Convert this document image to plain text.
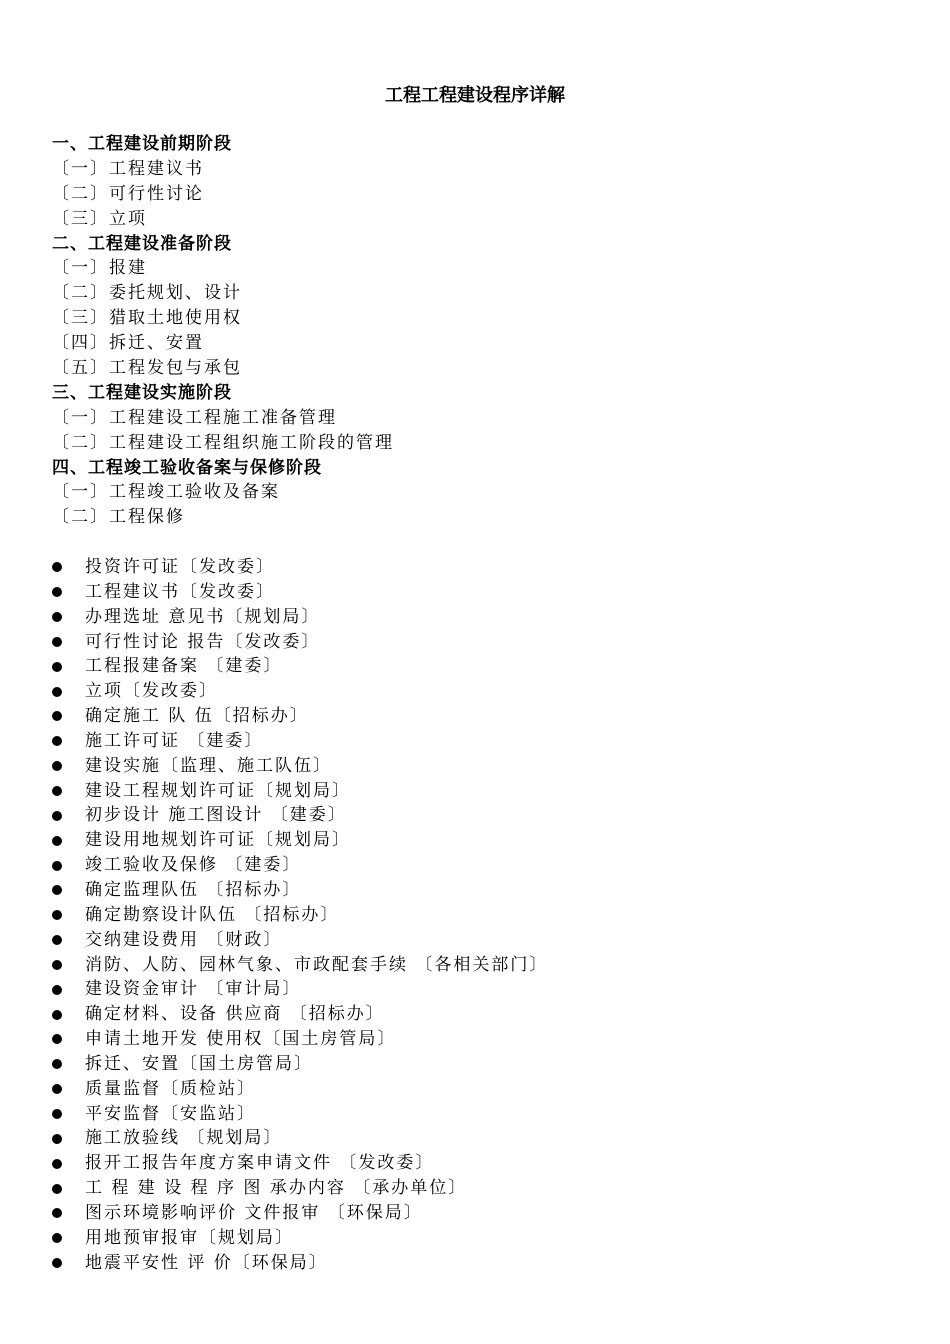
工程工程建设程序详解
一、工程建设前期阶段
〔一〕工程建议书
〔二〕可行性讨论
〔三〕立项
二、工程建设准备阶段
〔一〕报建
〔二〕委托规划、设计
〔三〕猎取土地使用权
〔四〕拆迁、安置
〔五〕工程发包与承包
三、工程建设实施阶段
〔一〕工程建设工程施工准备管理
〔二〕工程建设工程组织施工阶段的管理
四、工程竣工验收备案与保修阶段
〔一〕工程竣工验收及备案
〔二〕工程保修
投资许可证〔发改委〕
工程建议书〔发改委〕
办理选址 意见书〔规划局〕
可行性讨论 报告〔发改委〕
工程报建备案 〔建委〕
立项〔发改委〕
确定施工 队 伍〔招标办〕
施工许可证 〔建委〕
建设实施〔监理、施工队伍〕
建设工程规划许可证〔规划局〕
初步设计 施工图设计 〔建委〕
建设用地规划许可证〔规划局〕
竣工验收及保修 〔建委〕
确定监理队伍 〔招标办〕
确定勘察设计队伍 〔招标办〕
交纳建设费用 〔财政〕
消防、人防、园林气象、市政配套手续 〔各相关部门〕
建设资金审计 〔审计局〕
确定材料、设备 供应商 〔招标办〕
申请土地开发 使用权〔国土房管局〕
拆迁、安置〔国土房管局〕
质量监督〔质检站〕
平安监督〔安监站〕
施工放验线 〔规划局〕
报开工报告年度方案申请文件 〔发改委〕
工 程 建 设 程 序 图 承办内容 〔承办单位〕
图示环境影响评价 文件报审 〔环保局〕
用地预审报审〔规划局〕
地震平安性 评 价〔环保局〕
